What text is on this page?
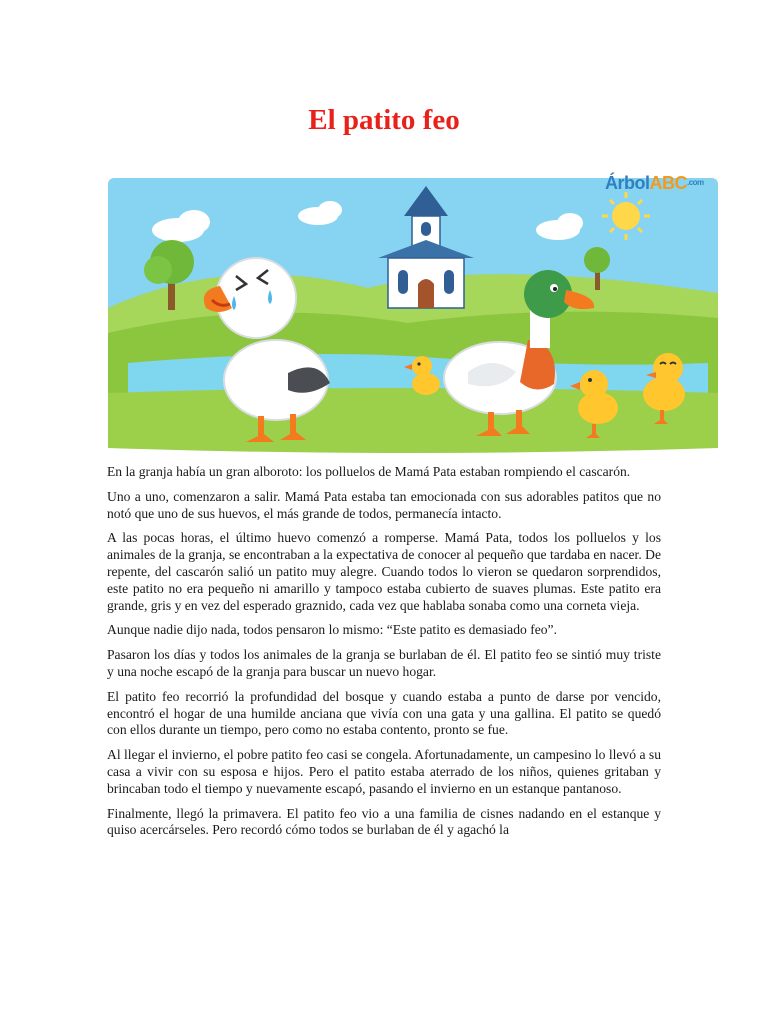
El patito feo
ÁrbolABC$^{.com}$

En la granja había un gran alboroto: los polluelos de Mamá Pata estaban rompiendo el cascarón.

Uno a uno, comenzaron a salir. Mamá Pata estaba tan emocionada con sus adorables patitos que no notó que uno de sus huevos, el más grande de todos, permanecía intacto.

A las pocas horas, el último huevo comenzó a romperse. Mamá Pata, todos los polluelos y los animales de la granja, se encontraban a la expectativa de conocer al pequeño que tardaba en nacer. De repente, del cascarón salió un patito muy alegre. Cuando todos lo vieron se quedaron sorprendidos, este patito no era pequeño ni amarillo y tampoco estaba cubierto de suaves plumas. Este patito era grande, gris y en vez del esperado graznido, cada vez que hablaba sonaba como una corneta vieja.

Aunque nadie dijo nada, todos pensaron lo mismo: “Este patito es demasiado feo”.

Pasaron los días y todos los animales de la granja se burlaban de él. El patito feo se sintió muy triste y una noche escapó de la granja para buscar un nuevo hogar.

El patito feo recorrió la profundidad del bosque y cuando estaba a punto de darse por vencido, encontró el hogar de una humilde anciana que vivía con una gata y una gallina. El patito se quedó con ellos durante un tiempo, pero como no estaba contento, pronto se fue.

Al llegar el invierno, el pobre patito feo casi se congela. Afortunadamente, un campesino lo llevó a su casa a vivir con su esposa e hijos. Pero el patito estaba aterrado de los niños, quienes gritaban y brincaban todo el tiempo y nuevamente escapó, pasando el invierno en un estanque pantanoso.

Finalmente, llegó la primavera. El patito feo vio a una familia de cisnes nadando en el estanque y quiso acercárseles. Pero recordó cómo todos se burlaban de él y agachó la
